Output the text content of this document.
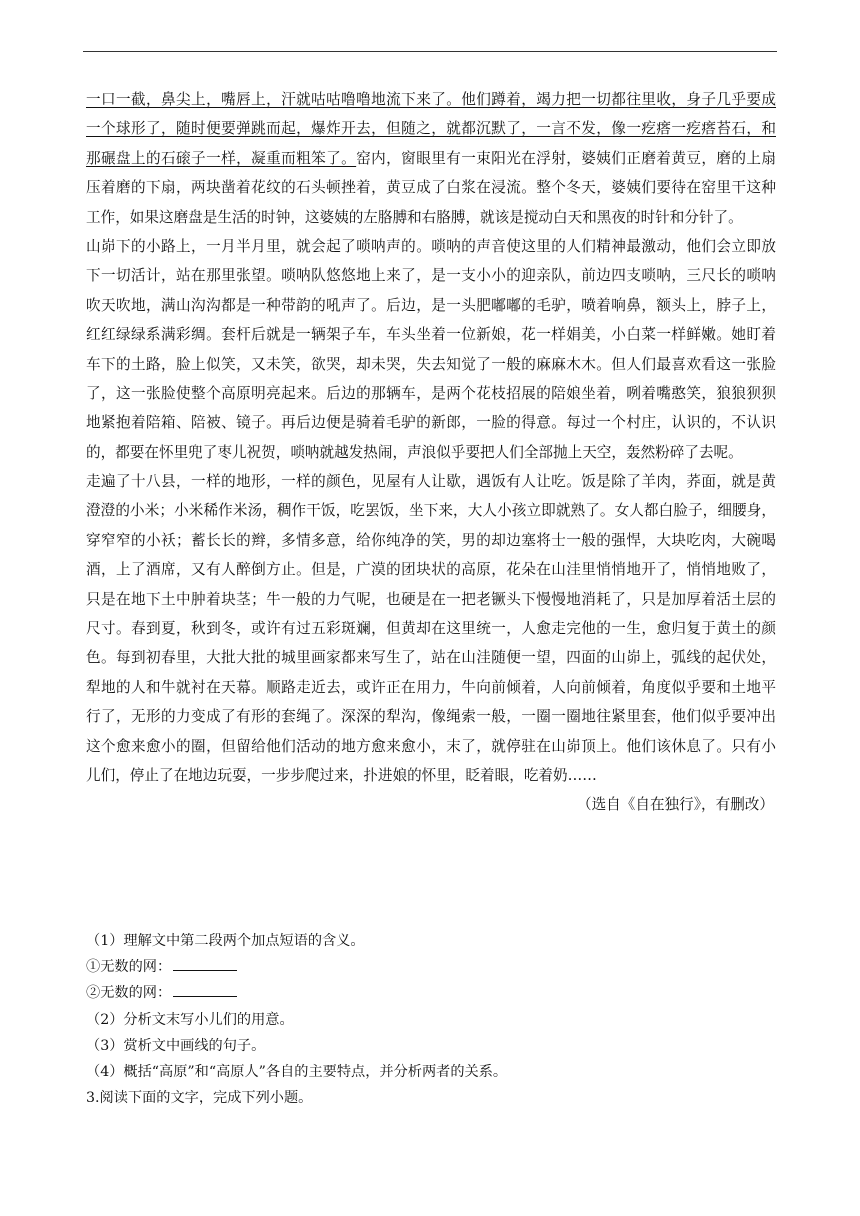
一口一截，鼻尖上，嘴唇上，汗就咕咕噜噜地流下来了。他们蹲着，竭力把一切都往里收，身子几乎要成
一个球形了，随时便要弹跳而起，爆炸开去，但随之，就都沉默了，一言不发，像一疙瘩一疙瘩苔石，和
那碾盘上的石磙子一样，凝重而粗笨了。窑内，窗眼里有一束阳光在浮射，婆姨们正磨着黄豆，磨的上扇
压着磨的下扇，两块凿着花纹的石头顿挫着，黄豆成了白浆在浸流。整个冬天，婆姨们要待在窑里干这种
工作，如果这磨盘是生活的时钟，这婆姨的左胳膊和右胳膊，就该是搅动白天和黑夜的时针和分针了。
山峁下的小路上，一月半月里，就会起了唢呐声的。唢呐的声音使这里的人们精神最激动，他们会立即放
下一切活计，站在那里张望。唢呐队悠悠地上来了，是一支小小的迎亲队，前边四支唢呐，三尺长的唢呐
吹天吹地，满山沟沟都是一种带韵的吼声了。后边，是一头肥嘟嘟的毛驴，喷着响鼻，额头上，脖子上，
红红绿绿系满彩绸。套杆后就是一辆架子车，车头坐着一位新娘，花一样娟美，小白菜一样鲜嫩。她盯着
车下的土路，脸上似笑，又未笑，欲哭，却未哭，失去知觉了一般的麻麻木木。但人们最喜欢看这一张脸
了，这一张脸使整个高原明亮起来。后边的那辆车，是两个花枝招展的陪娘坐着，咧着嘴憨笑，狼狼狈狈
地紧抱着陪箱、陪被、镜子。再后边便是骑着毛驴的新郎，一脸的得意。每过一个村庄，认识的，不认识
的，都要在怀里兜了枣儿祝贺，唢呐就越发热闹，声浪似乎要把人们全部抛上天空，轰然粉碎了去呢。
走遍了十八县，一样的地形，一样的颜色，见屋有人让歇，遇饭有人让吃。饭是除了羊肉，荞面，就是黄
澄澄的小米；小米稀作米汤，稠作干饭，吃罢饭，坐下来，大人小孩立即就熟了。女人都白脸子，细腰身，
穿窄窄的小袄；蓄长长的辫，多情多意，给你纯净的笑，男的却边塞将士一般的强悍，大块吃肉，大碗喝
酒，上了酒席，又有人醉倒方止。但是，广漠的团块状的高原，花朵在山洼里悄悄地开了，悄悄地败了，
只是在地下土中肿着块茎；牛一般的力气呢，也硬是在一把老镢头下慢慢地消耗了，只是加厚着活土层的
尺寸。春到夏，秋到冬，或许有过五彩斑斓，但黄却在这里统一，人愈走完他的一生，愈归复于黄土的颜
色。每到初春里，大批大批的城里画家都来写生了，站在山洼随便一望，四面的山峁上，弧线的起伏处，
犁地的人和牛就衬在天幕。顺路走近去，或许正在用力，牛向前倾着，人向前倾着，角度似乎要和土地平
行了，无形的力变成了有形的套绳了。深深的犁沟，像绳索一般，一圈一圈地往紧里套，他们似乎要冲出
这个愈来愈小的圈，但留给他们活动的地方愈来愈小，末了，就停驻在山峁顶上。他们该休息了。只有小
儿们，停止了在地边玩耍，一步步爬过来，扑进娘的怀里，眨着眼，吃着奶……
（选自《自在独行》，有删改）
（1）理解文中第二段两个加点短语的含义。
①无数的网：
②无数的网：
（2）分析文末写小儿们的用意。
（3）赏析文中画线的句子。
（4）概括“高原”和“高原人”各自的主要特点，并分析两者的关系。
3.阅读下面的文字，完成下列小题。
